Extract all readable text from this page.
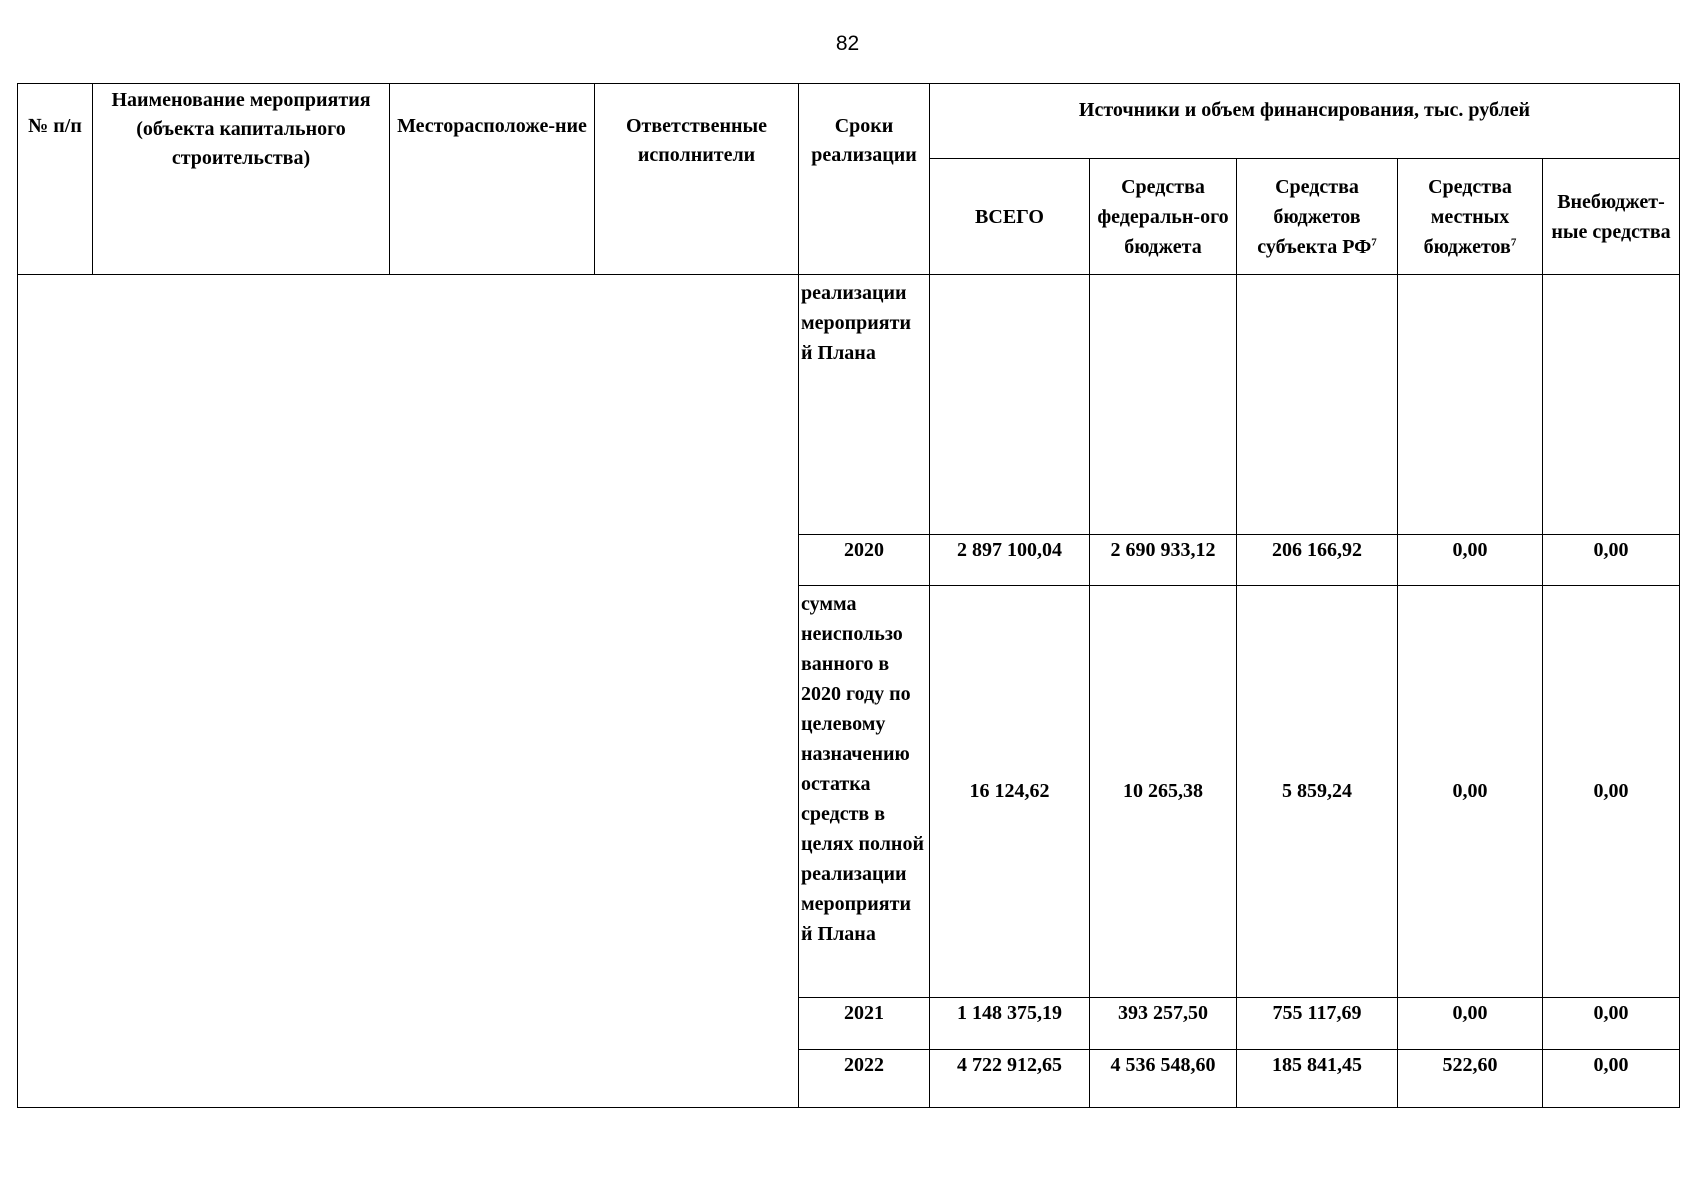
82
№ п/п	Наименование мероприятия (объекта капитального строительства)	Месторасположе-ние	Ответственные исполнители	Сроки реализации	Источники и объем финансирования, тыс. рублей				
					ВСЕГО	Средства федеральн-ого бюджета	Средства бюджетов субъекта $РФ^7$	Средства местных бюджетов$^7$	Внебюджет-ные средства
				реализации мероприяти й Плана					
				2020	2 897 100,04	2 690 933,12	206 166,92	0,00	0,00
				сумма неиспользо ванного в 2020 году по целевому назначению остатка средств в целях полной реализации мероприяти й Плана	16 124,62	10 265,38	5 859,24	0,00	0,00
				2021	1 148 375,19	393 257,50	755 117,69	0,00	0,00
				2022	4 722 912,65	4 536 548,60	185 841,45	522,60	0,00
